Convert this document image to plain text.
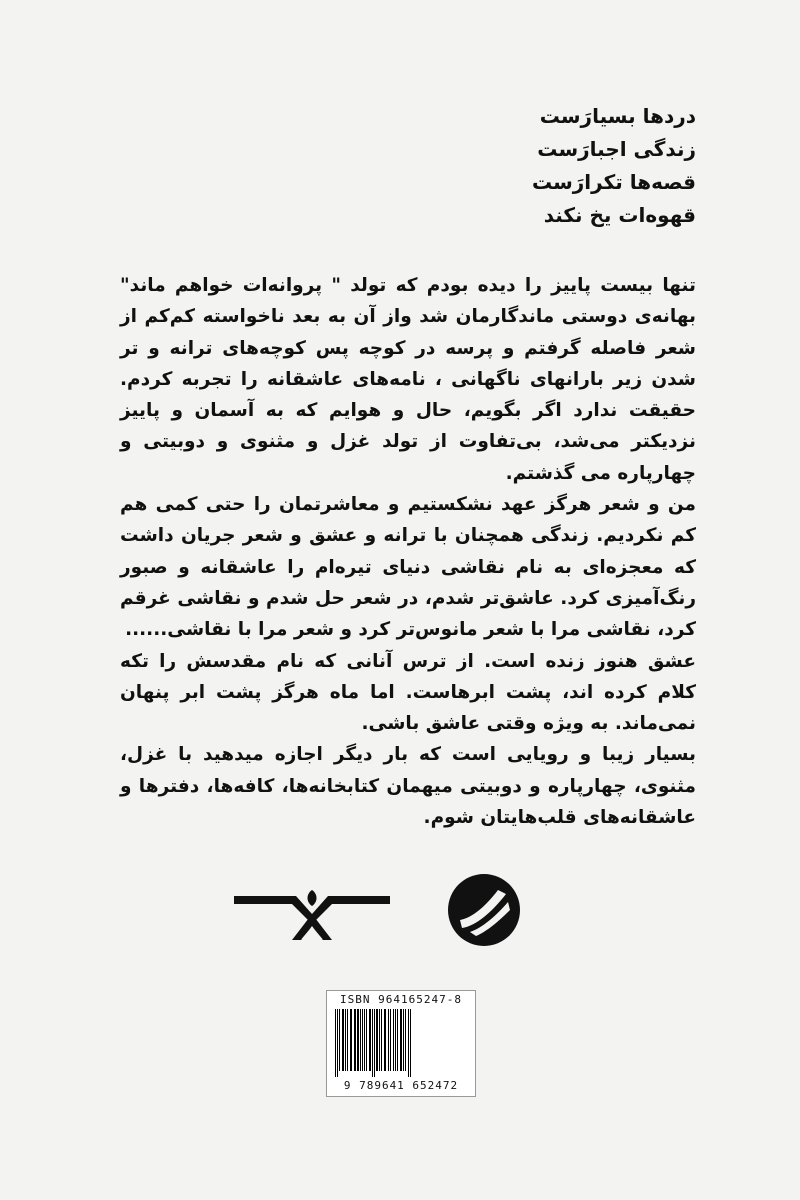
دردها بسیارَست
زندگی اجبارَست
قصه‌ها تکرارَست
قهوه‌ات یخ نکند

تنها بیست پاییز را دیده بودم که تولد " پروانه‌ات خواهم ماند" بهانه‌ی دوستی ماندگارمان شد واز آن به بعد ناخواسته کم‌کم از شعر فاصله گرفتم و پرسه در کوچه پس کوچه‌های ترانه و تر شدن زیر بارانهای ناگهانی ، نامه‌های عاشقانه را تجربه کردم. حقیقت ندارد اگر بگویم، حال و هوایم که به آسمان و پاییز نزدیکتر می‌شد، بی‌تفاوت از تولد غزل و مثنوی و دوبیتی و چهارپاره می گذشتم.

من و شعر هرگز عهد نشکستیم و معاشرتمان را حتی کمی هم کم نکردیم. زندگی همچنان با ترانه و عشق و شعر جریان داشت که معجزه‌ای به نام نقاشی دنیای تیره‌ام را عاشقانه و صبور رنگ‌آمیزی کرد. عاشق‌تر شدم، در شعر حل شدم و نقاشی غرقم کرد، نقاشی مرا با شعر مانوس‌تر کرد و شعر مرا با نقاشی......

عشق هنوز زنده است. از ترس آنانی که نام مقدسش را تکه کلام کرده اند، پشت ابرهاست. اما ماه هرگز پشت ابر پنهان نمی‌ماند. به ویژه وقتی عاشق باشی.

بسیار زیبا و رویایی است که بار دیگر اجازه میدهید با غزل، مثنوی، چهارپاره و دوبیتی میهمان کتابخانه‌ها، کافه‌ها، دفترها و عاشقانه‌های قلب‌هایتان شوم.

ISBN 964165247-8
9 789641 652472
